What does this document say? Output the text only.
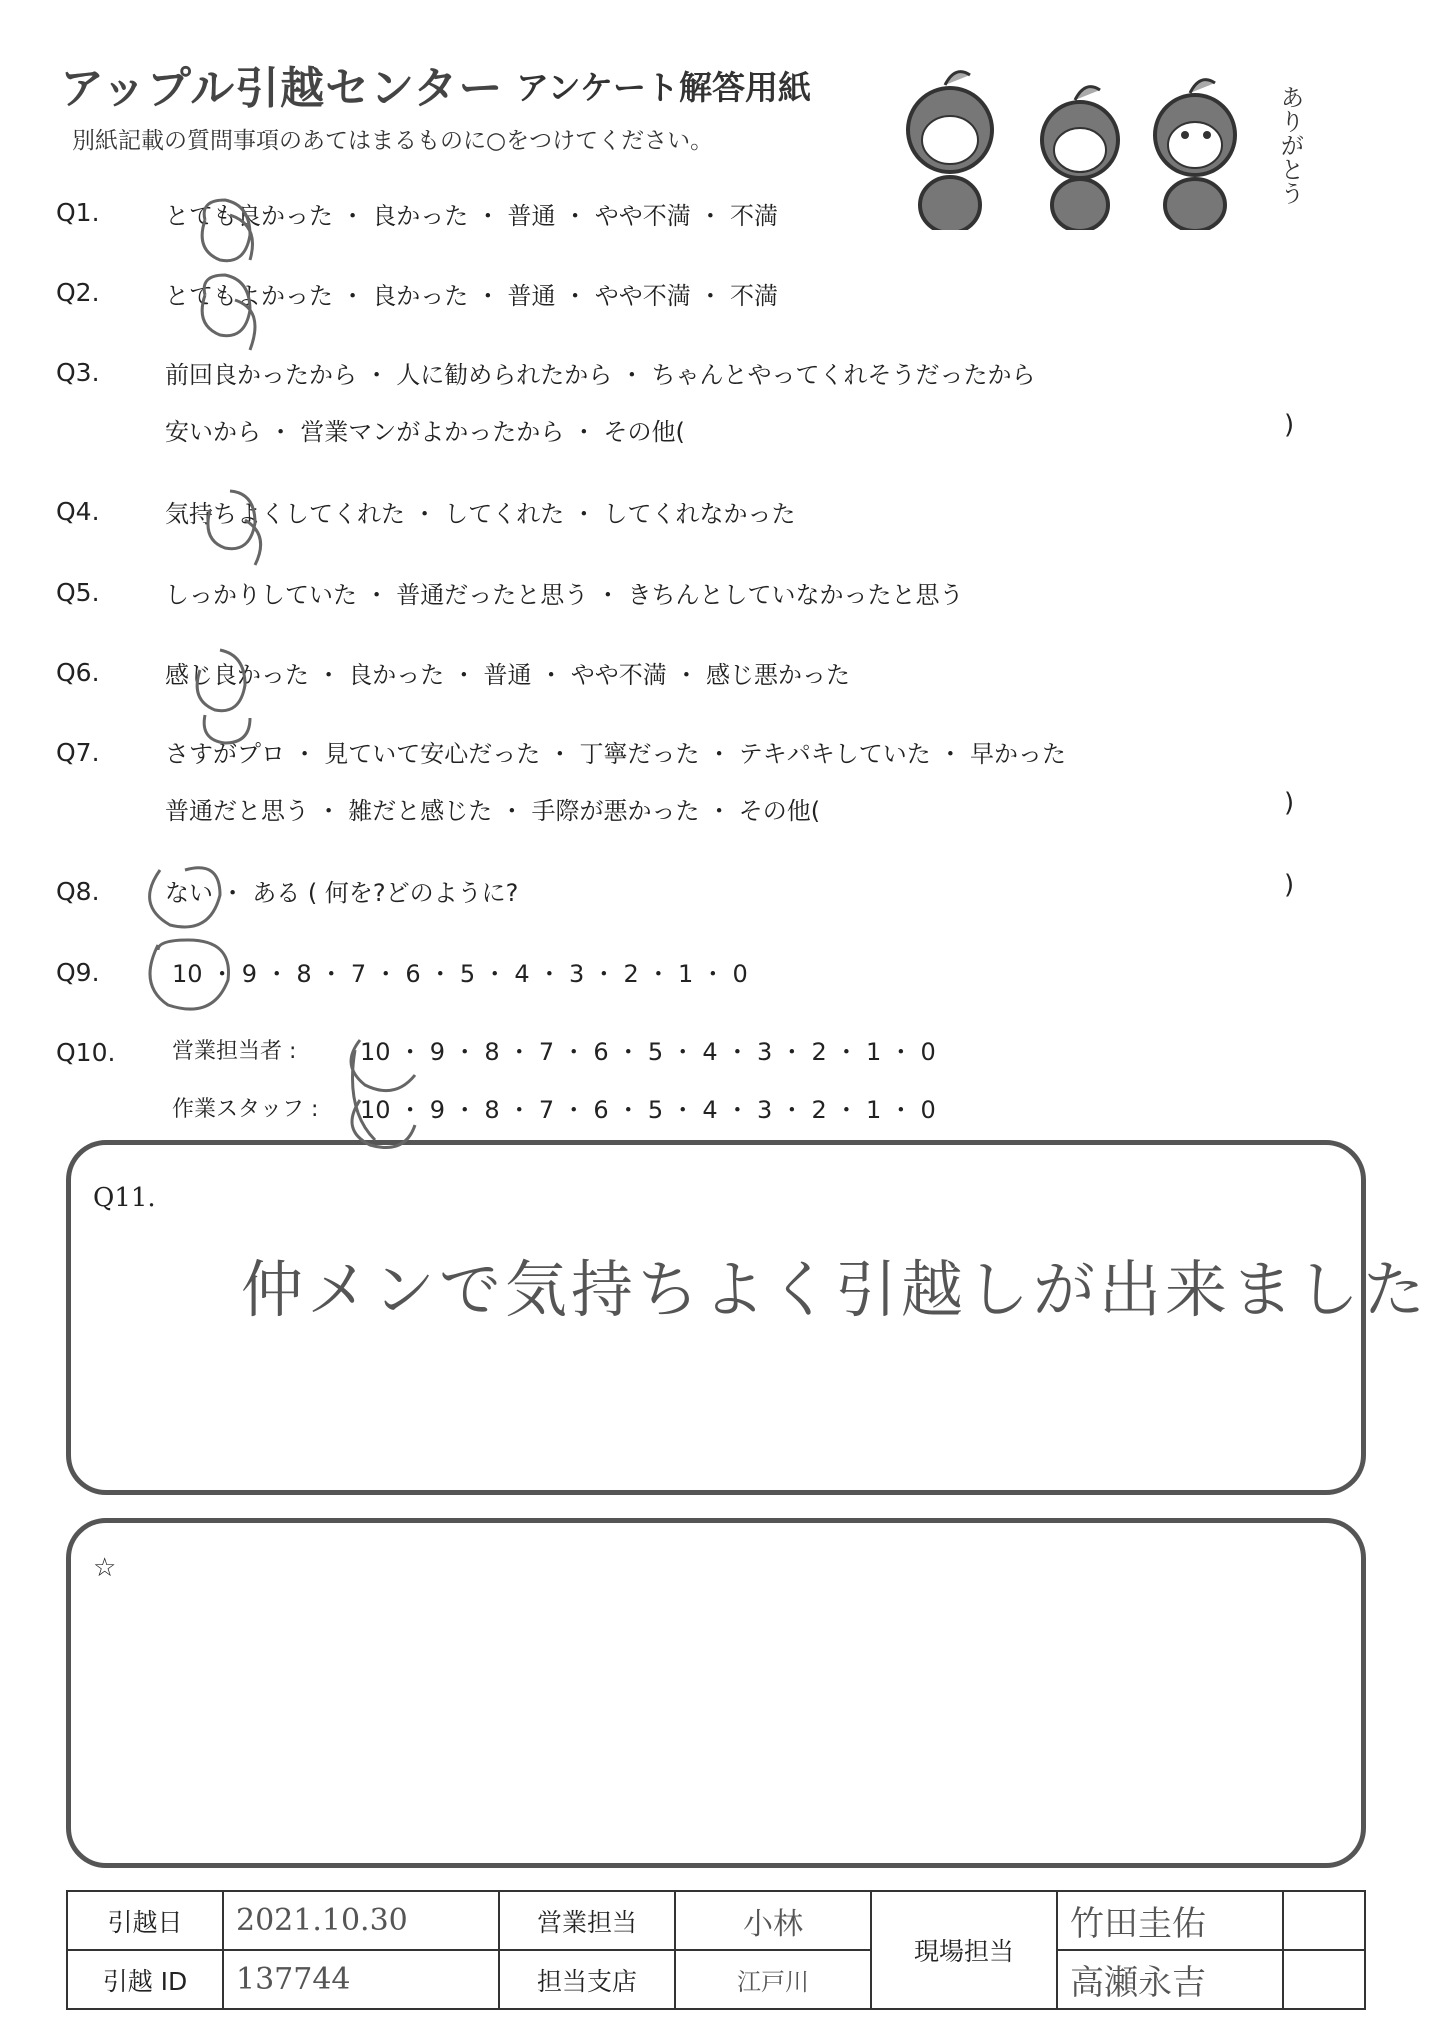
アップル引越センター アンケート解答用紙
別紙記載の質問事項のあてはまるものに○をつけてください。	ありがとう
Q1.	とても良かった ・ 良かった ・ 普通 ・ やや不満 ・ 不満
Q2.	とてもよかった ・ 良かった ・ 普通 ・ やや不満 ・ 不満
Q3.	前回良かったから ・ 人に勧められたから ・ ちゃんとやってくれそうだったから
安いから ・ 営業マンがよかったから ・ その他(	)
Q4.	気持ちよくしてくれた ・ してくれた ・ してくれなかった
Q5.	しっかりしていた ・ 普通だったと思う ・ きちんとしていなかったと思う
Q6.	感じ良かった ・ 良かった ・ 普通 ・ やや不満 ・ 感じ悪かった
Q7.	さすがプロ ・ 見ていて安心だった ・ 丁寧だった ・ テキパキしていた ・ 早かった
普通だと思う ・ 雑だと感じた ・ 手際が悪かった ・ その他(	)
Q8.	ない ・ ある ( 何を?どのように?	)
Q9.	10 ・ 9 ・ 8 ・ 7 ・ 6 ・ 5 ・ 4 ・ 3 ・ 2 ・ 1 ・ 0
Q10.	営業担当者 :	10 ・ 9 ・ 8 ・ 7 ・ 6 ・ 5 ・ 4 ・ 3 ・ 2 ・ 1 ・ 0
作業スタッフ : 10 ・ 9 ・ 8 ・ 7 ・ 6 ・ 5 ・ 4 ・ 3 ・ 2 ・ 1 ・ 0
Q11.
仲メンで気持ちよく引越しが出来ました
☆
引越日	2021.10.30	営業担当	小林	現場担当	竹田圭佑	
引越 ID	137744	担当支店	江戸川		高瀬永吉	
